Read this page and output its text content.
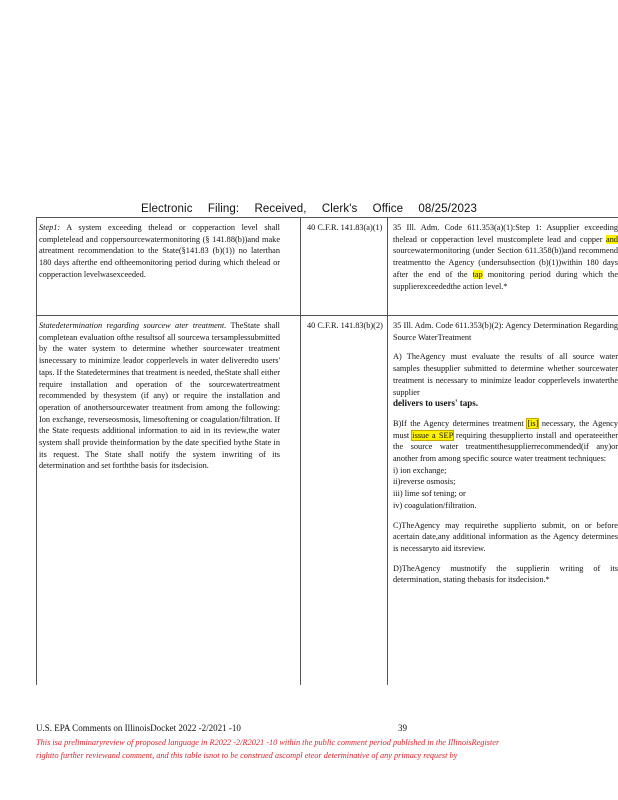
Electronic Filing: Received, Clerk's Office 08/25/2023
Step1: A system exceeding thelead or copperaction level shall completelead and coppersourcewatermonitoring (§ 141.88(b))and make atreatment recommendation to the State(§141.83 (b)(1)) no laterthan 180 days afterthe end oftheemonitoring period during which thelead or copperaction levelwasexceeded.
40 C.F.R. 141.83(a)(1) 35 Ill. Adm. Code 611.353(a)(1):Step 1: Asupplier exceeding thelead or copperaction level mustcomplete lead and copper and sourcewatermonitoring (under Section 611.358(b))and recommend treatmentto the Agency (undersubsection (b)(1))within 180 days after the end of the tap monitoring period during which the supplierexceededthe action level.*
Statedetermination regarding sourcew ater treatment. TheState shall completean evaluation ofthe resultsof all sourcewa tersamplessubmitted by the water system to determine whether sourcewater treatment isnecessary to minimize leador copperlevels in water deliveredto users' taps. If the Statedetermines that treatment is needed, theState shall either require installation and operation of the sourcewatertreatment recommended by thesystem (if any) or require the installation and operation of anothersourcewater treatment from among the following: Ion exchange, reverseosmosis, limesoftening or coagulation/filtration. If the State requests additional information to aid in its review,the water system shall provide theinformation by the date specified bythe State in its request. The State shall notify the system inwriting of its determination and set forththe basis for itsdecision.
40 C.F.R. 141.83(b)(2) 35 Ill. Adm. Code 611.353(b)(2): Agency Determination Regarding Source WaterTreatment
A) TheAgency must evaluate the results of all source water samples thesupplier submitted to determine whether sourcewater treatment is necessary to minimize leador copperlevels inwaterthe supplier
delivers to users' taps.
B)If the Agency determines treatment [is] necessary, the Agency must issue a SEP requiring thesupplierto install and operateeither the source water treatmentthesupplierrecommended(if any)or another from among specific source water treatment techniques:
i) ion exchange;
ii)reverse osmosis;
iii) lime sof tening; or
iv) coagulation/filtration.
C)TheAgency may requirethe supplierto submit, on or before acertain date,any additional information as the Agency determines is necessaryto aid itsreview.
D)TheAgency mustnotify the supplierin writing of its determination, stating thebasis for itsdecision.*
U.S. EPA Comments on IllinoisDocket 2022 -2/2021 -10	39
This isa preliminaryreview of proposed language in R2022 -2/R2021 -10 within the public comment period published in the IllinoisRegister
rightto further reviewand comment, and this table isnot to be construed ascompl eteor determinative of any primacy request by
